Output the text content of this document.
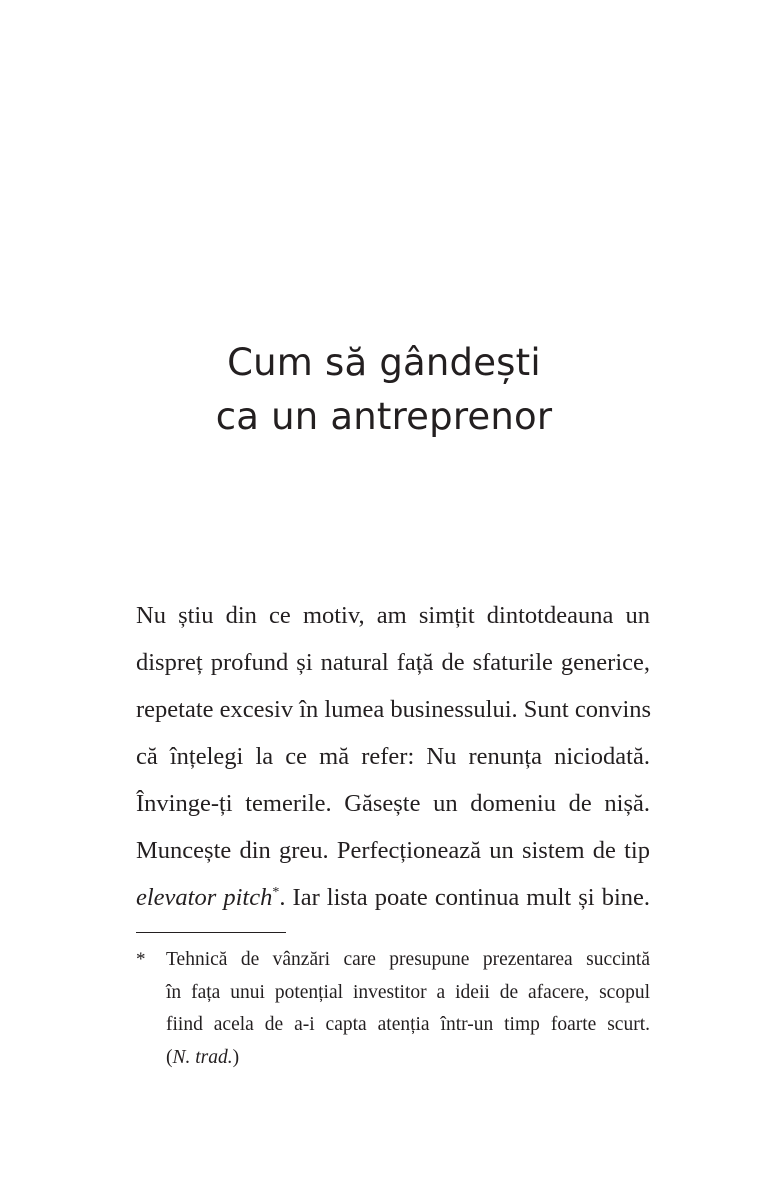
Cum să gândești
ca un antreprenor
Nu știu din ce motiv, am simțit dintotdeauna un
dispreț profund și natural față de sfaturile generice,
repetate excesiv în lumea businessului. Sunt convins
că înțelegi la ce mă refer: Nu renunța niciodată.
Învinge-ți temerile. Găsește un domeniu de nișă.
Muncește din greu. Perfecționează un sistem de tip
elevator pitch*. Iar lista poate continua mult și bine.
* Tehnică de vânzări care presupune prezentarea succintă
în fața unui potențial investitor a ideii de afacere, scopul
fiind acela de a-i capta atenția într-un timp foarte scurt.
(N. trad.)
